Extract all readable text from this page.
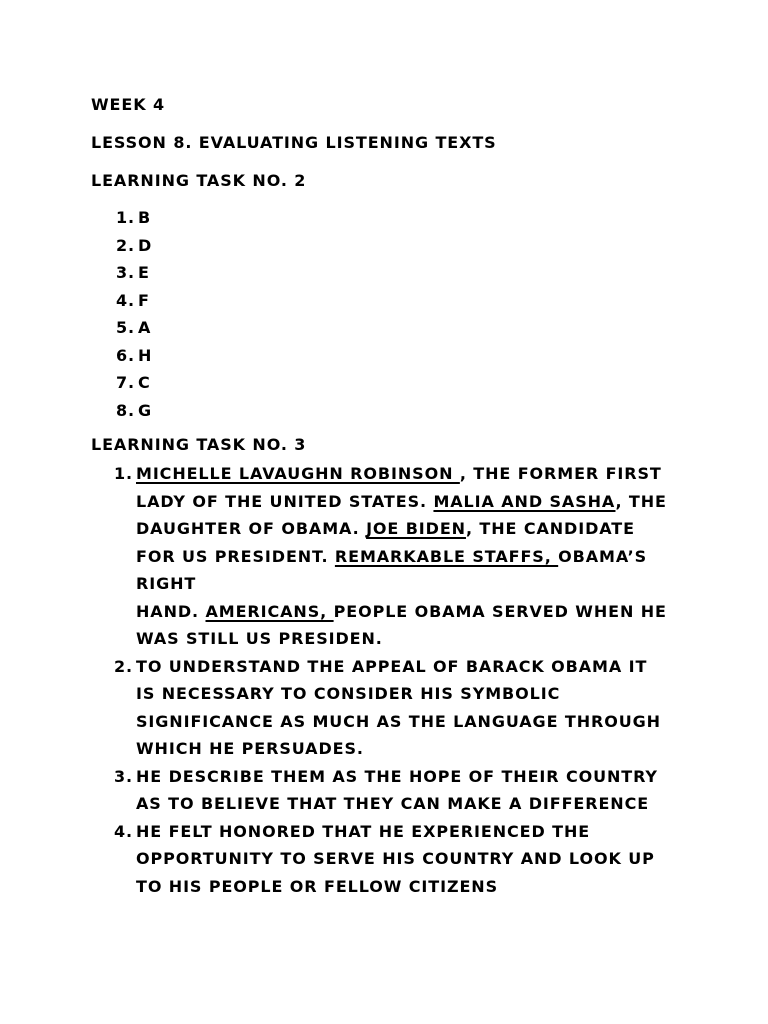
WEEK 4
LESSON 8. EVALUATING LISTENING TEXTS
LEARNING TASK NO. 2
1. B
2. D
3. E
4. F
5. A
6. H
7. C
8. G
LEARNING TASK NO. 3
1. MICHELLE LAVAUGHN ROBINSON , THE FORMER FIRST
LADY OF THE UNITED STATES. MALIA AND SASHA, THE
DAUGHTER OF OBAMA. JOE BIDEN, THE CANDIDATE
FOR US PRESIDENT. REMARKABLE STAFFS, OBAMA’S
RIGHT
HAND. AMERICANS, PEOPLE OBAMA SERVED WHEN HE
WAS STILL US PRESIDEN.
2. TO UNDERSTAND THE APPEAL OF BARACK OBAMA IT
IS NECESSARY TO CONSIDER HIS SYMBOLIC
SIGNIFICANCE AS MUCH AS THE LANGUAGE THROUGH
WHICH HE PERSUADES.
3. HE DESCRIBE THEM AS THE HOPE OF THEIR COUNTRY
AS TO BELIEVE THAT THEY CAN MAKE A DIFFERENCE
4. HE FELT HONORED THAT HE EXPERIENCED THE
OPPORTUNITY TO SERVE HIS COUNTRY AND LOOK UP
TO HIS PEOPLE OR FELLOW CITIZENS
